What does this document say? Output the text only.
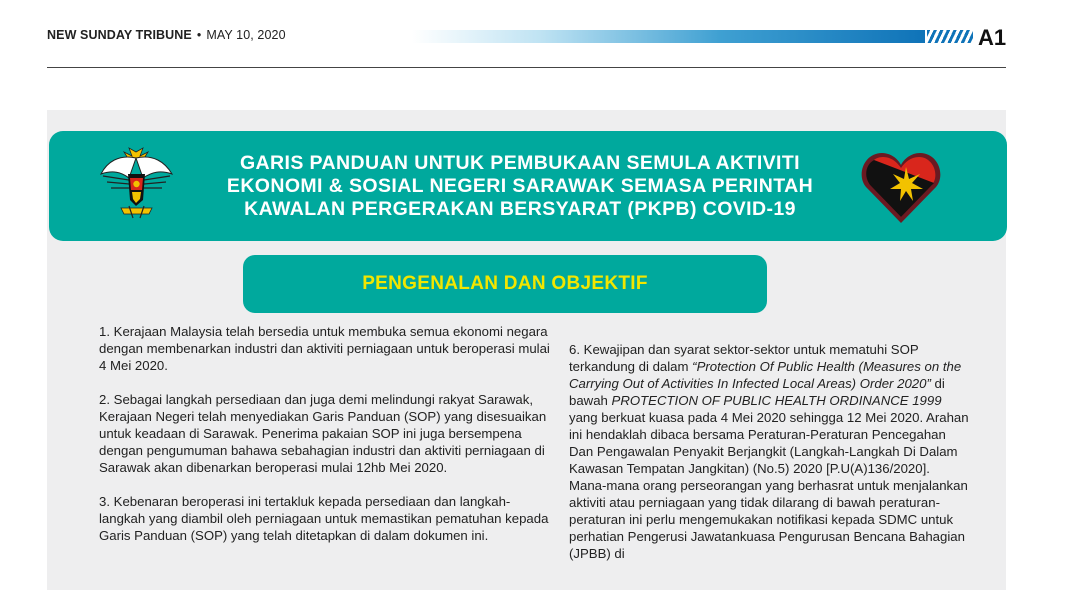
NEW SUNDAY TRIBUNE • MAY 10, 2020	A1
GARIS PANDUAN UNTUK PEMBUKAAN SEMULA AKTIVITI
EKONOMI & SOSIAL NEGERI SARAWAK SEMASA PERINTAH
KAWALAN PERGERAKAN BERSYARAT (PKPB) COVID-19
PENGENALAN DAN OBJEKTIF

1. Kerajaan Malaysia telah bersedia untuk membuka semua ekonomi negara dengan membenarkan industri dan aktiviti perniagaan untuk beroperasi mulai 4 Mei 2020.

2. Sebagai langkah persediaan dan juga demi melindungi rakyat Sarawak, Kerajaan Negeri telah menyediakan Garis Panduan (SOP) yang disesuaikan untuk keadaan di Sarawak. Penerima pakaian SOP ini juga bersempena dengan pengumuman bahawa sebahagian industri dan aktiviti perniagaan di Sarawak akan dibenarkan beroperasi mulai 12hb Mei 2020.

3. Kebenaran beroperasi ini tertakluk kepada persediaan dan langkah-langkah yang diambil oleh perniagaan untuk memastikan pematuhan kepada Garis Panduan (SOP) yang telah ditetapkan di dalam dokumen ini.

6. Kewajipan dan syarat sektor-sektor untuk mematuhi SOP terkandung di dalam “Protection Of Public Health (Measures on the Carrying Out of Activities In Infected Local Areas) Order 2020” di bawah PROTECTION OF PUBLIC HEALTH ORDINANCE 1999 yang berkuat kuasa pada 4 Mei 2020 sehingga 12 Mei 2020. Arahan ini hendaklah dibaca bersama Peraturan-Peraturan Pencegahan Dan Pengawalan Penyakit Berjangkit (Langkah-Langkah Di Dalam Kawasan Tempatan Jangkitan) (No.5) 2020 [P.U(A)136/2020].

Mana-mana orang perseorangan yang berhasrat untuk menjalankan aktiviti atau perniagaan yang tidak dilarang di bawah peraturan-peraturan ini perlu mengemukakan notifikasi kepada SDMC untuk perhatian Pengerusi Jawatankuasa Pengurusan Bencana Bahagian (JPBB) di
